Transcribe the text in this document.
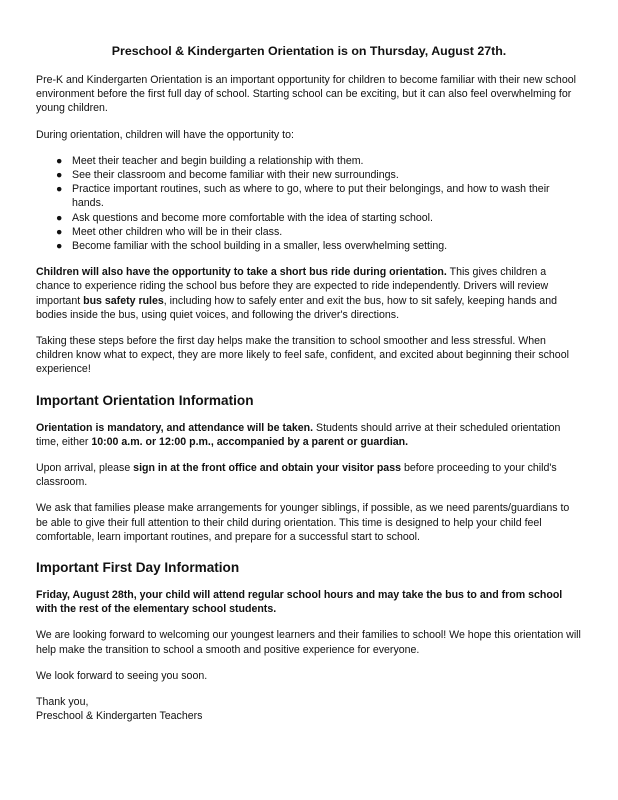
Preschool & Kindergarten Orientation is on Thursday, August 27th.

Pre-K and Kindergarten Orientation is an important opportunity for children to become familiar with their new school environment before the first full day of school. Starting school can be exciting, but it can also feel overwhelming for young children.

During orientation, children will have the opportunity to:

● Meet their teacher and begin building a relationship with them.
● See their classroom and become familiar with their new surroundings.
● Practice important routines, such as where to go, where to put their belongings, and how to wash their hands.
● Ask questions and become more comfortable with the idea of starting school.
● Meet other children who will be in their class.
● Become familiar with the school building in a smaller, less overwhelming setting.

Children will also have the opportunity to take a short bus ride during orientation. This gives children a chance to experience riding the school bus before they are expected to ride independently. Drivers will review important bus safety rules, including how to safely enter and exit the bus, how to sit safely, keeping hands and bodies inside the bus, using quiet voices, and following the driver's directions.

Taking these steps before the first day helps make the transition to school smoother and less stressful. When children know what to expect, they are more likely to feel safe, confident, and excited about beginning their school experience!

Important Orientation Information

Orientation is mandatory, and attendance will be taken. Students should arrive at their scheduled orientation time, either 10:00 a.m. or 12:00 p.m., accompanied by a parent or guardian.

Upon arrival, please sign in at the front office and obtain your visitor pass before proceeding to your child's classroom.

We ask that families please make arrangements for younger siblings, if possible, as we need parents/guardians to be able to give their full attention to their child during orientation. This time is designed to help your child feel comfortable, learn important routines, and prepare for a successful start to school.

Important First Day Information

Friday, August 28th, your child will attend regular school hours and may take the bus to and from school with the rest of the elementary school students.

We are looking forward to welcoming our youngest learners and their families to school! We hope this orientation will help make the transition to school a smooth and positive experience for everyone.

We look forward to seeing you soon.

Thank you,

Preschool & Kindergarten Teachers
